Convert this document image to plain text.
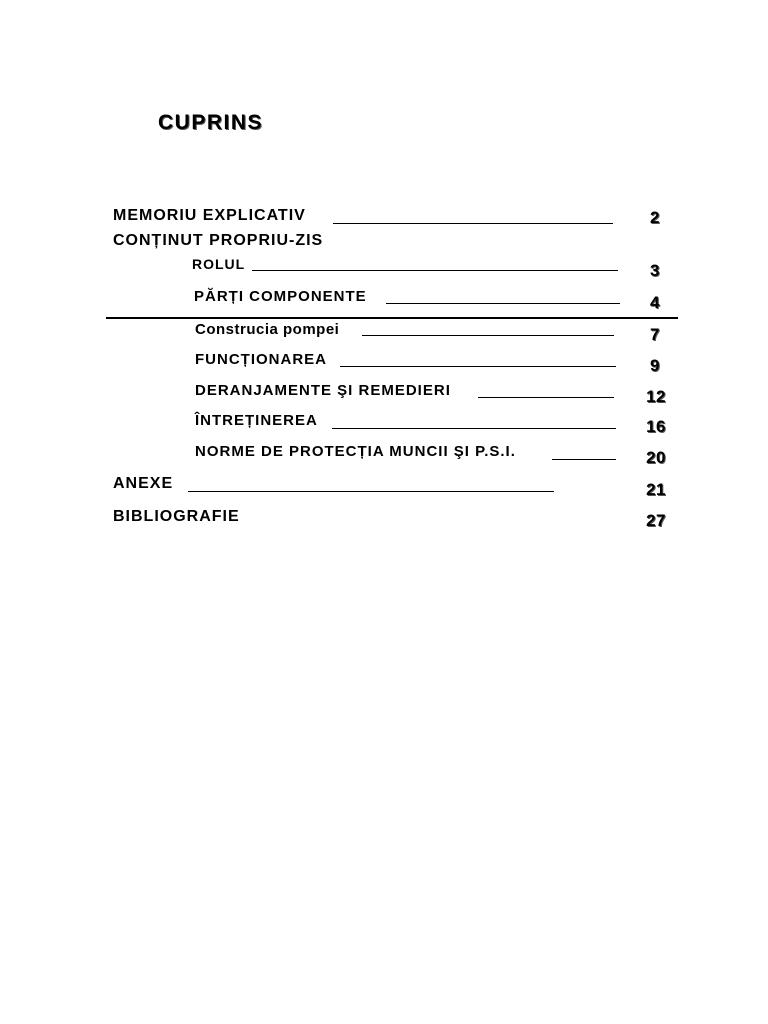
CUPRINS
MEMORIU EXPLICATIV	2
CONȚINUT PROPRIU-ZIS
ROLUL	3
PĂRȚI COMPONENTE	4
Construcia pompei	7
FUNCȚIONAREA	9
DERANJAMENTE ŞI REMEDIERI	12
ÎNTREȚINEREA	16
NORME DE PROTECȚIA MUNCII ŞI P.S.I.	20
ANEXE	21
BIBLIOGRAFIE	27
